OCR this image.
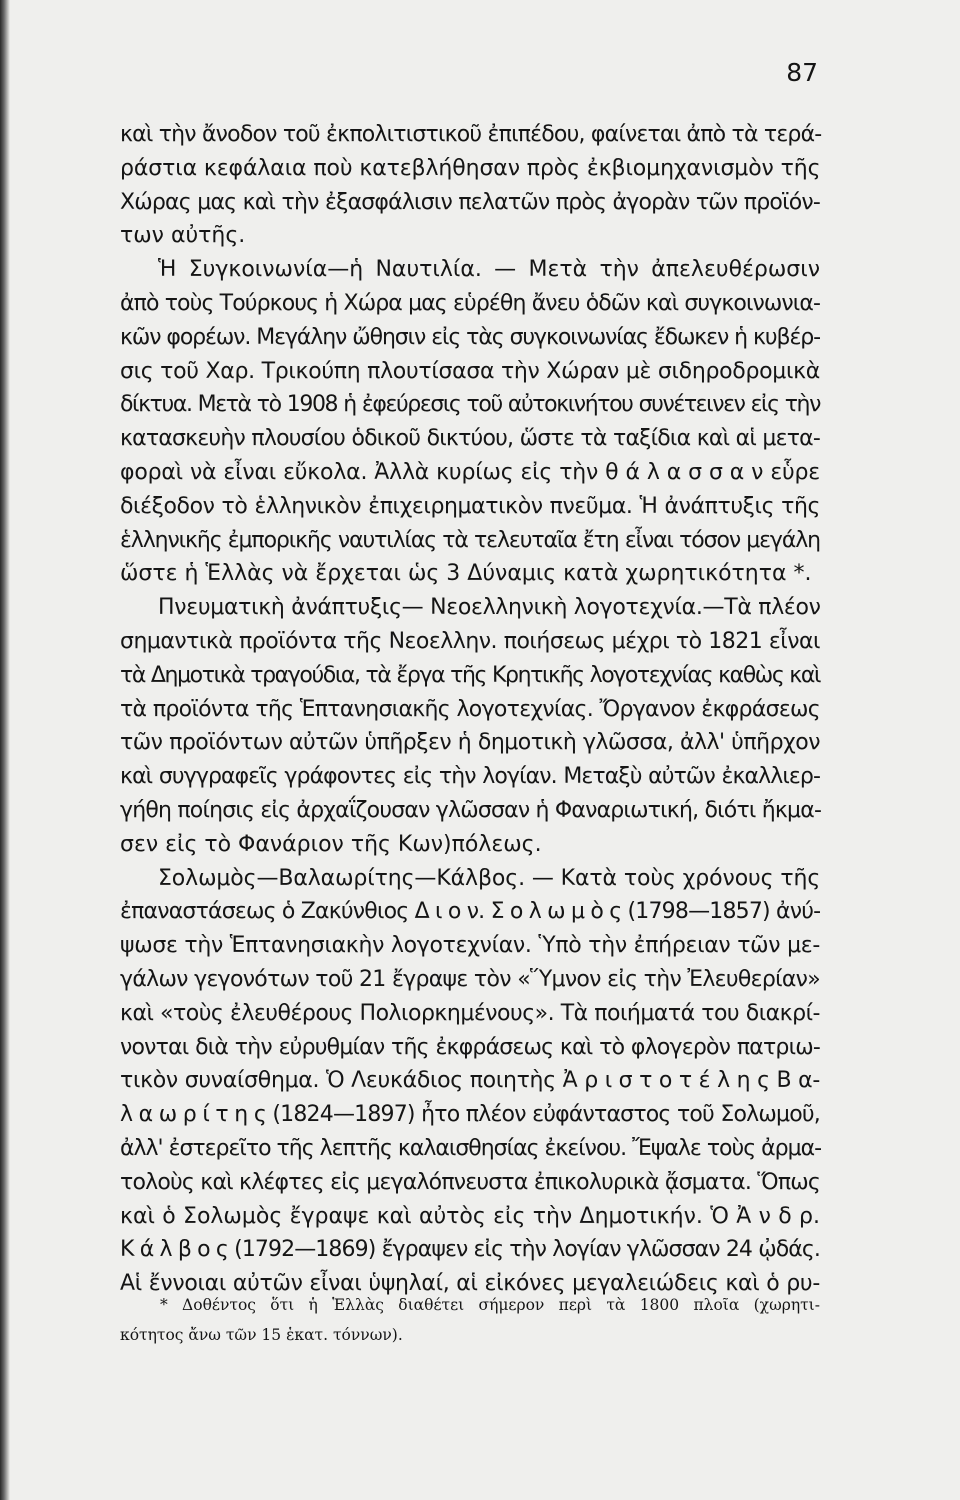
87
καὶ τὴν ἄνοδον τοῦ ἐκπολιτιστικοῦ ἐπιπέδου, φαίνεται ἀπὸ τὰ τερά-
ράστια κεφάλαια ποὺ κατεβλήθησαν πρὸς ἐκβιομηχανισμὸν τῆς
Χώρας μας καὶ τὴν ἐξασφάλισιν πελατῶν πρὸς ἀγορὰν τῶν προϊόν-
των αὐτῆς.
Ἡ Συγκοινωνία—ἡ Ναυτιλία. — Μετὰ τὴν ἀπελευθέρωσιν
ἀπὸ τοὺς Τούρκους ἡ Χώρα μας εὑρέθη ἄνευ ὁδῶν καὶ συγκοινωνια-
κῶν φορέων. Μεγάλην ὤθησιν εἰς τὰς συγκοινωνίας ἔδωκεν ἡ κυβέρ-
σις τοῦ Χαρ. Τρικούπη πλουτίσασα τὴν Χώραν μὲ σιδηροδρομικὰ
δίκτυα. Μετὰ τὸ 1908 ἡ ἐφεύρεσις τοῦ αὐτοκινήτου συνέτεινεν εἰς τὴν
κατασκευὴν πλουσίου ὁδικοῦ δικτύου, ὥστε τὰ ταξίδια καὶ αἱ μετα-
φοραὶ νὰ εἶναι εὔκολα. Ἀλλὰ κυρίως εἰς τὴν θ ά λ α σ σ α ν εὗρε
διέξοδον τὸ ἑλληνικὸν ἐπιχειρηματικὸν πνεῦμα. Ἡ ἀνάπτυξις τῆς
ἑλληνικῆς ἐμπορικῆς ναυτιλίας τὰ τελευταῖα ἔτη εἶναι τόσον μεγάλη
ὥστε ἡ Ἑλλὰς νὰ ἔρχεται ὡς 3 Δύναμις κατὰ χωρητικότητα *.
Πνευματικὴ ἀνάπτυξις— Νεοελληνικὴ λογοτεχνία.—Τὰ πλέον
σημαντικὰ προϊόντα τῆς Νεοελλην. ποιήσεως μέχρι τὸ 1821 εἶναι
τὰ Δημοτικὰ τραγούδια, τὰ ἔργα τῆς Κρητικῆς λογοτεχνίας καθὼς καὶ
τὰ προϊόντα τῆς Ἑπτανησιακῆς λογοτεχνίας. Ὄργανον ἐκφράσεως
τῶν προϊόντων αὐτῶν ὑπῆρξεν ἡ δημοτικὴ γλῶσσα, ἀλλ' ὑπῆρχον
καὶ συγγραφεῖς γράφοντες εἰς τὴν λογίαν. Μεταξὺ αὐτῶν ἐκαλλιερ-
γήθη ποίησις εἰς ἀρχαΐζουσαν γλῶσσαν ἡ Φαναριωτική, διότι ἤκμα-
σεν εἰς τὸ Φανάριον τῆς Κων)πόλεως.
Σολωμὸς—Βαλαωρίτης—Κάλβος. — Κατὰ τοὺς χρόνους τῆς
ἐπαναστάσεως ὁ Ζακύνθιος Δ ι ο ν. Σ ο λ ω μ ὸ ς (1798—1857) ἀνύ-
ψωσε τὴν Ἑπτανησιακὴν λογοτεχνίαν. Ὑπὸ τὴν ἐπήρειαν τῶν με-
γάλων γεγονότων τοῦ 21 ἔγραψε τὸν «Ὕμνον εἰς τὴν Ἐλευθερίαν»
καὶ «τοὺς ἐλευθέρους Πολιορκημένους». Τὰ ποιήματά του διακρί-
νονται διὰ τὴν εὐρυθμίαν τῆς ἐκφράσεως καὶ τὸ φλογερὸν πατριω-
τικὸν συναίσθημα. Ὁ Λευκάδιος ποιητὴς Ἀ ρ ι σ τ ο τ έ λ η ς Β α-
λ α ω ρ ί τ η ς (1824—1897) ἦτο πλέον εὐφάνταστος τοῦ Σολωμοῦ,
ἀλλ' ἐστερεῖτο τῆς λεπτῆς καλαισθησίας ἐκείνου. Ἔψαλε τοὺς ἀρμα-
τολοὺς καὶ κλέφτες εἰς μεγαλόπνευστα ἐπικολυρικὰ ᾄσματα. Ὅπως
καὶ ὁ Σολωμὸς ἔγραψε καὶ αὐτὸς εἰς τὴν Δημοτικήν. Ὁ Ἀ ν δ ρ.
Κ ά λ β ο ς (1792—1869) ἔγραψεν εἰς τὴν λογίαν γλῶσσαν 24 ᾠδάς.
Αἱ ἔννοιαι αὐτῶν εἶναι ὑψηλαί, αἱ εἰκόνες μεγαλειώδεις καὶ ὁ ρυ-
* Δοθέντος ὅτι ἡ Ἑλλὰς διαθέτει σήμερον περὶ τὰ 1800 πλοῖα (χωρητι-
κότητος ἄνω τῶν 15 ἑκατ. τόννων).
